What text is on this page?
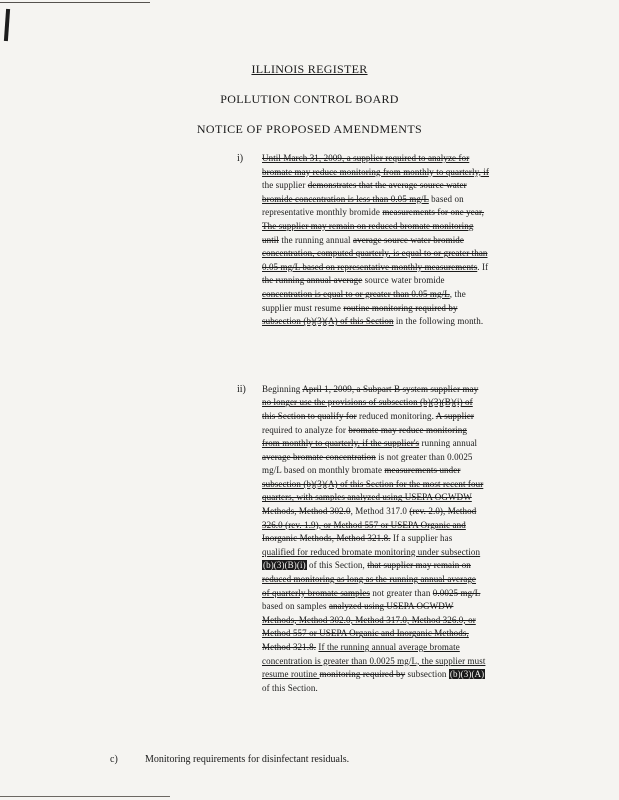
ILLINOIS REGISTER
POLLUTION CONTROL BOARD
NOTICE OF PROPOSED AMENDMENTS
i)	Until March 31, 2009, a supplier required to analyze for
bromate may reduce monitoring from monthly to quarterly, if
the supplier demonstrates that the average source water
bromide concentration is less than 0.05 mg/L based on
representative monthly bromide measurements for one year,
The supplier may remain on reduced bromate monitoring
until the running annual average source water bromide
concentration, computed quarterly, is equal to or greater than
0.05 mg/L based on representative monthly measurements. If
the running annual average source water bromide
concentration is equal to or greater than 0.05 mg/L, the
supplier must resume routine monitoring required by
subsection (b)(3)(A) of this Section in the following month.
ii)	Beginning April 1, 2009, a Subpart B system supplier may
no longer use the provisions of subsection (b)(3)(B)(i) of
this Section to qualify for reduced monitoring. A supplier
required to analyze for bromate may reduce monitoring
from monthly to quarterly, if the supplier's running annual
average bromate concentration is not greater than 0.0025
mg/L based on monthly bromate measurements under
subsection (b)(3)(A) of this Section for the most recent four
quarters, with samples analyzed using USEPA OGWDW
Methods, Method 302.0, Method 317.0 (rev. 2.0), Method
326.0 (rev. 1.9), or Method 557 or USEPA Organic and
Inorganic Methods, Method 321.8. If a supplier has
qualified for reduced bromate monitoring under subsection
(b)(3)(B)(i) of this Section, that supplier may remain on
reduced monitoring as long as the running annual average
of quarterly bromate samples not greater than 0.0025 mg/L
based on samples analyzed using USEPA OGWDW
Methods, Method 302.0, Method 317.0, Method 326.0, or
Method 557 or USEPA Organic and Inorganic Methods,
Method 321.8. If the running annual average bromate
concentration is greater than 0.0025 mg/L, the supplier must
resume routine monitoring required by subsection (b)(3)(A)
of this Section.
c)	Monitoring requirements for disinfectant residuals.
